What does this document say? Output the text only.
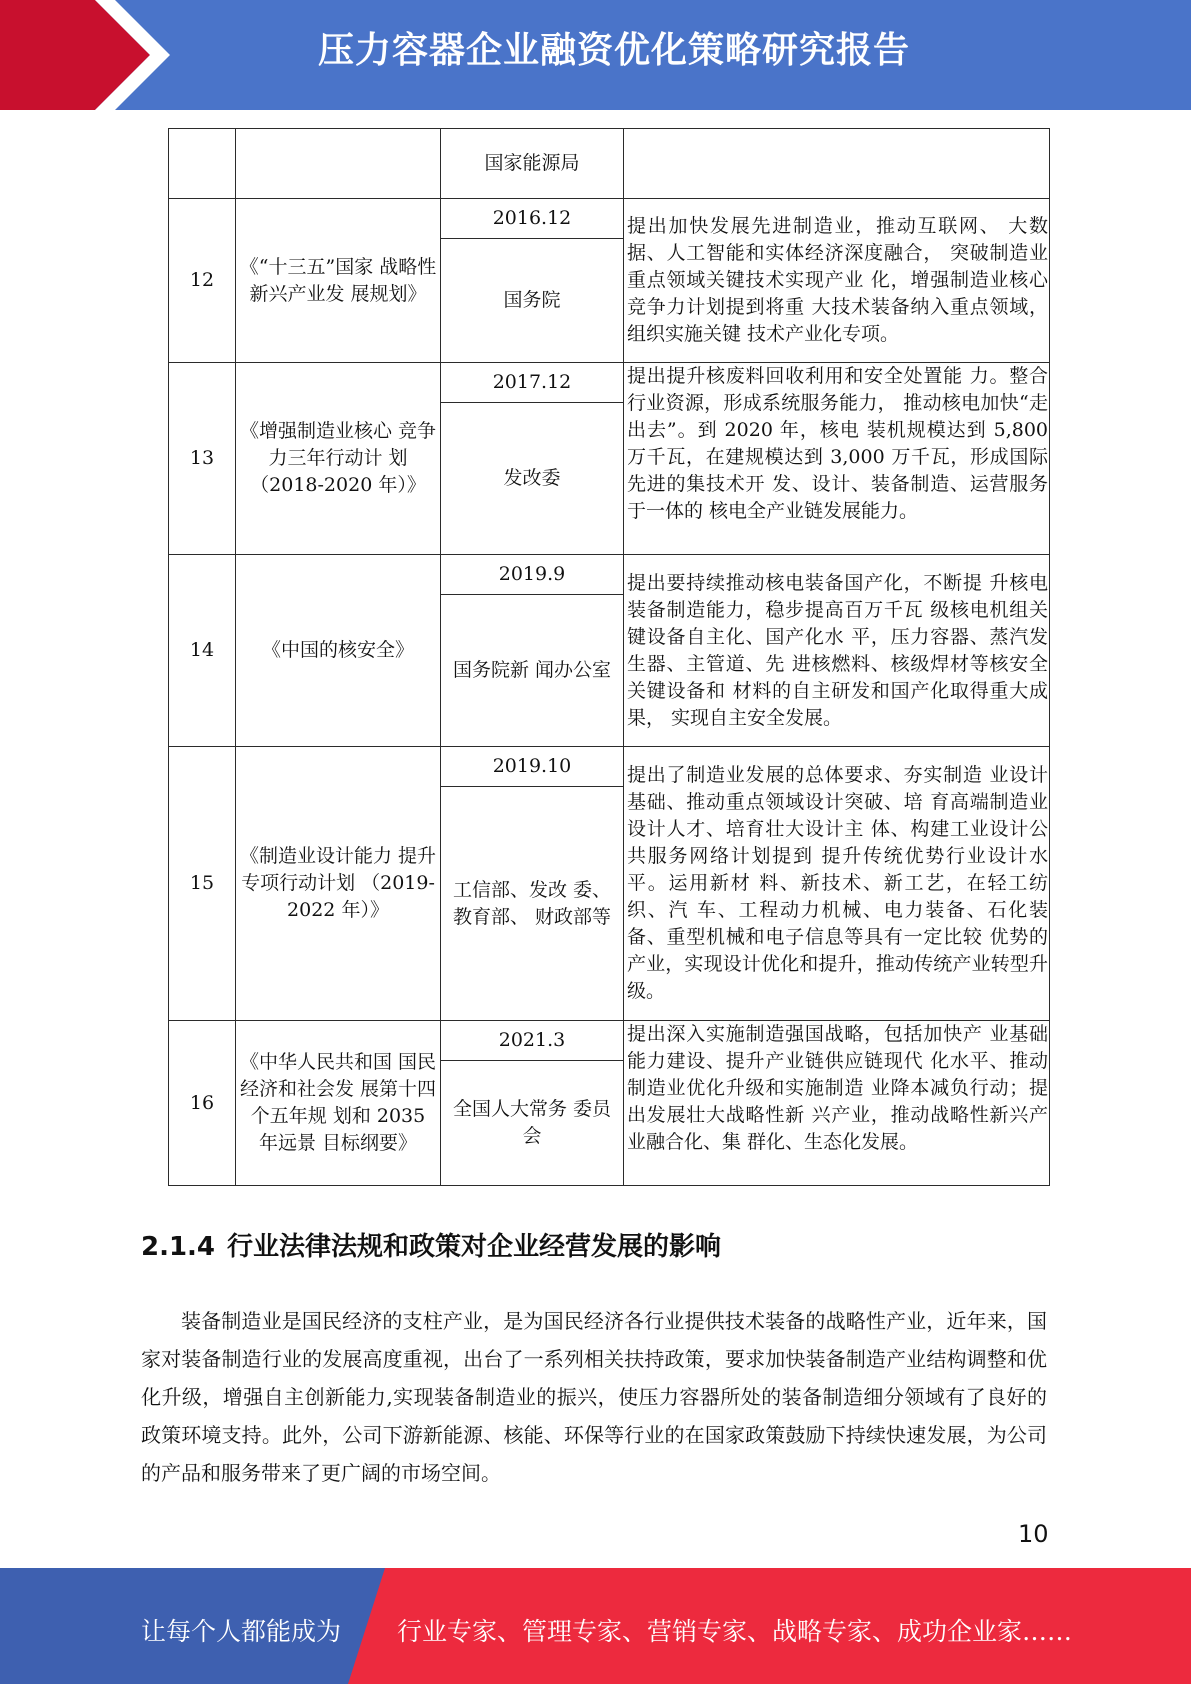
压力容器企业融资优化策略研究报告
		国家能源局	
12	《“十三五”国家 战略性新兴产业发 展规划》	2016.12	提出加快发展先进制造业，推动互联网、 大数据、人工智能和实体经济深度融合， 突破制造业重点领域关键技术实现产业 化，增强制造业核心竞争力计划提到将重 大技术装备纳入重点领域，组织实施关键 技术产业化专项。
		国务院	
13	《增强制造业核心 竞争力三年行动计 划（2018-2020 年）》	2017.12	提出提升核废料回收利用和安全处置能 力。整合行业资源，形成系统服务能力， 推动核电加快“走出去”。到 2020 年，核电 装机规模达到 5,800 万千瓦，在建规模达到 3,000 万千瓦，形成国际先进的集技术开 发、设计、装备制造、运营服务于一体的 核电全产业链发展能力。
		发改委	
14	《中国的核安全》	2019.9	提出要持续推动核电装备国产化，不断提 升核电装备制造能力，稳步提高百万千瓦 级核电机组关键设备自主化、国产化水 平，压力容器、蒸汽发生器、主管道、先 进核燃料、核级焊材等核安全关键设备和 材料的自主研发和国产化取得重大成果， 实现自主安全发展。
		国务院新 闻办公室	
15	《制造业设计能力 提升专项行动计划 （2019-2022 年）》	2019.10	提出了制造业发展的总体要求、夯实制造 业设计基础、推动重点领域设计突破、培 育高端制造业设计人才、培育壮大设计主 体、构建工业设计公共服务网络计划提到 提升传统优势行业设计水平。运用新材 料、新技术、新工艺，在轻工纺织、汽 车、工程动力机械、电力装备、石化装 备、重型机械和电子信息等具有一定比较 优势的产业，实现设计优化和提升，推动传统产业转型升级。
		工信部、发改 委、教育部、 财政部等	
16	《中华人民共和国 国民经济和社会发 展第十四个五年规 划和 2035 年远景 目标纲要》	2021.3	提出深入实施制造强国战略，包括加快产 业基础能力建设、提升产业链供应链现代 化水平、推动制造业优化升级和实施制造 业降本减负行动；提出发展壮大战略性新 兴产业，推动战略性新兴产业融合化、集 群化、生态化发展。
		全国人大常务 委员会	
2.1.4 行业法律法规和政策对企业经营发展的影响
装备制造业是国民经济的支柱产业，是为国民经济各行业提供技术装备的战略性产业，近年来，国家对装备制造行业的发展高度重视，出台了一系列相关扶持政策，要求加快装备制造产业结构调整和优化升级，增强自主创新能力,实现装备制造业的振兴，使压力容器所处的装备制造细分领域有了良好的政策环境支持。此外，公司下游新能源、核能、环保等行业的在国家政策鼓励下持续快速发展，为公司的产品和服务带来了更广阔的市场空间。
10
让每个人都能成为 行业专家、管理专家、营销专家、战略专家、成功企业家……
